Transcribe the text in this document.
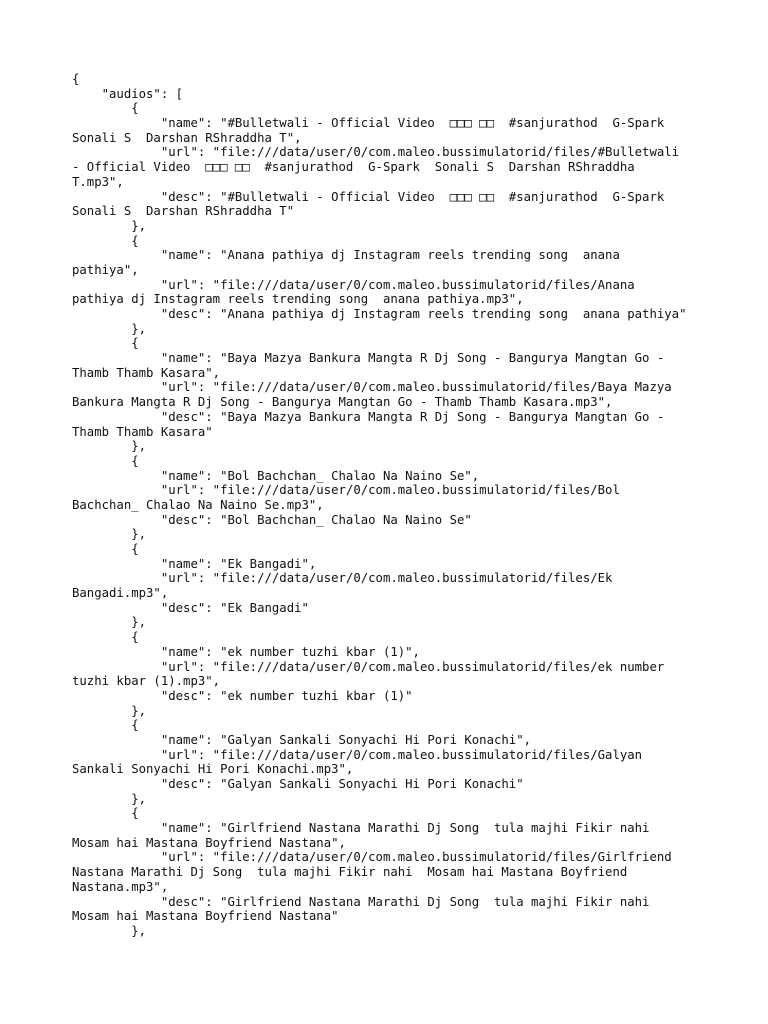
{
"audios": [
{
"name": "#Bulletwali - Official Video  □□□ □□  #sanjurathod  G-Spark
Sonali S  Darshan RShraddha T",
"url": "file:///data/user/0/com.maleo.bussimulatorid/files/#Bulletwali
- Official Video  □□□ □□  #sanjurathod  G-Spark  Sonali S  Darshan RShraddha
T.mp3",
"desc": "#Bulletwali - Official Video  □□□ □□  #sanjurathod  G-Spark
Sonali S  Darshan RShraddha T"
},
{
"name": "Anana pathiya dj Instagram reels trending song  anana
pathiya",
"url": "file:///data/user/0/com.maleo.bussimulatorid/files/Anana
pathiya dj Instagram reels trending song  anana pathiya.mp3",
"desc": "Anana pathiya dj Instagram reels trending song  anana pathiya"
},
{
"name": "Baya Mazya Bankura Mangta R Dj Song - Bangurya Mangtan Go -
Thamb Thamb Kasara",
"url": "file:///data/user/0/com.maleo.bussimulatorid/files/Baya Mazya
Bankura Mangta R Dj Song - Bangurya Mangtan Go - Thamb Thamb Kasara.mp3",
"desc": "Baya Mazya Bankura Mangta R Dj Song - Bangurya Mangtan Go -
Thamb Thamb Kasara"
},
{
"name": "Bol Bachchan_ Chalao Na Naino Se",
"url": "file:///data/user/0/com.maleo.bussimulatorid/files/Bol
Bachchan_ Chalao Na Naino Se.mp3",
"desc": "Bol Bachchan_ Chalao Na Naino Se"
},
{
"name": "Ek Bangadi",
"url": "file:///data/user/0/com.maleo.bussimulatorid/files/Ek
Bangadi.mp3",
"desc": "Ek Bangadi"
},
{
"name": "ek number tuzhi kbar (1)",
"url": "file:///data/user/0/com.maleo.bussimulatorid/files/ek number
tuzhi kbar (1).mp3",
"desc": "ek number tuzhi kbar (1)"
},
{
"name": "Galyan Sankali Sonyachi Hi Pori Konachi",
"url": "file:///data/user/0/com.maleo.bussimulatorid/files/Galyan
Sankali Sonyachi Hi Pori Konachi.mp3",
"desc": "Galyan Sankali Sonyachi Hi Pori Konachi"
},
{
"name": "Girlfriend Nastana Marathi Dj Song  tula majhi Fikir nahi
Mosam hai Mastana Boyfriend Nastana",
"url": "file:///data/user/0/com.maleo.bussimulatorid/files/Girlfriend
Nastana Marathi Dj Song  tula majhi Fikir nahi  Mosam hai Mastana Boyfriend
Nastana.mp3",
"desc": "Girlfriend Nastana Marathi Dj Song  tula majhi Fikir nahi
Mosam hai Mastana Boyfriend Nastana"
},
